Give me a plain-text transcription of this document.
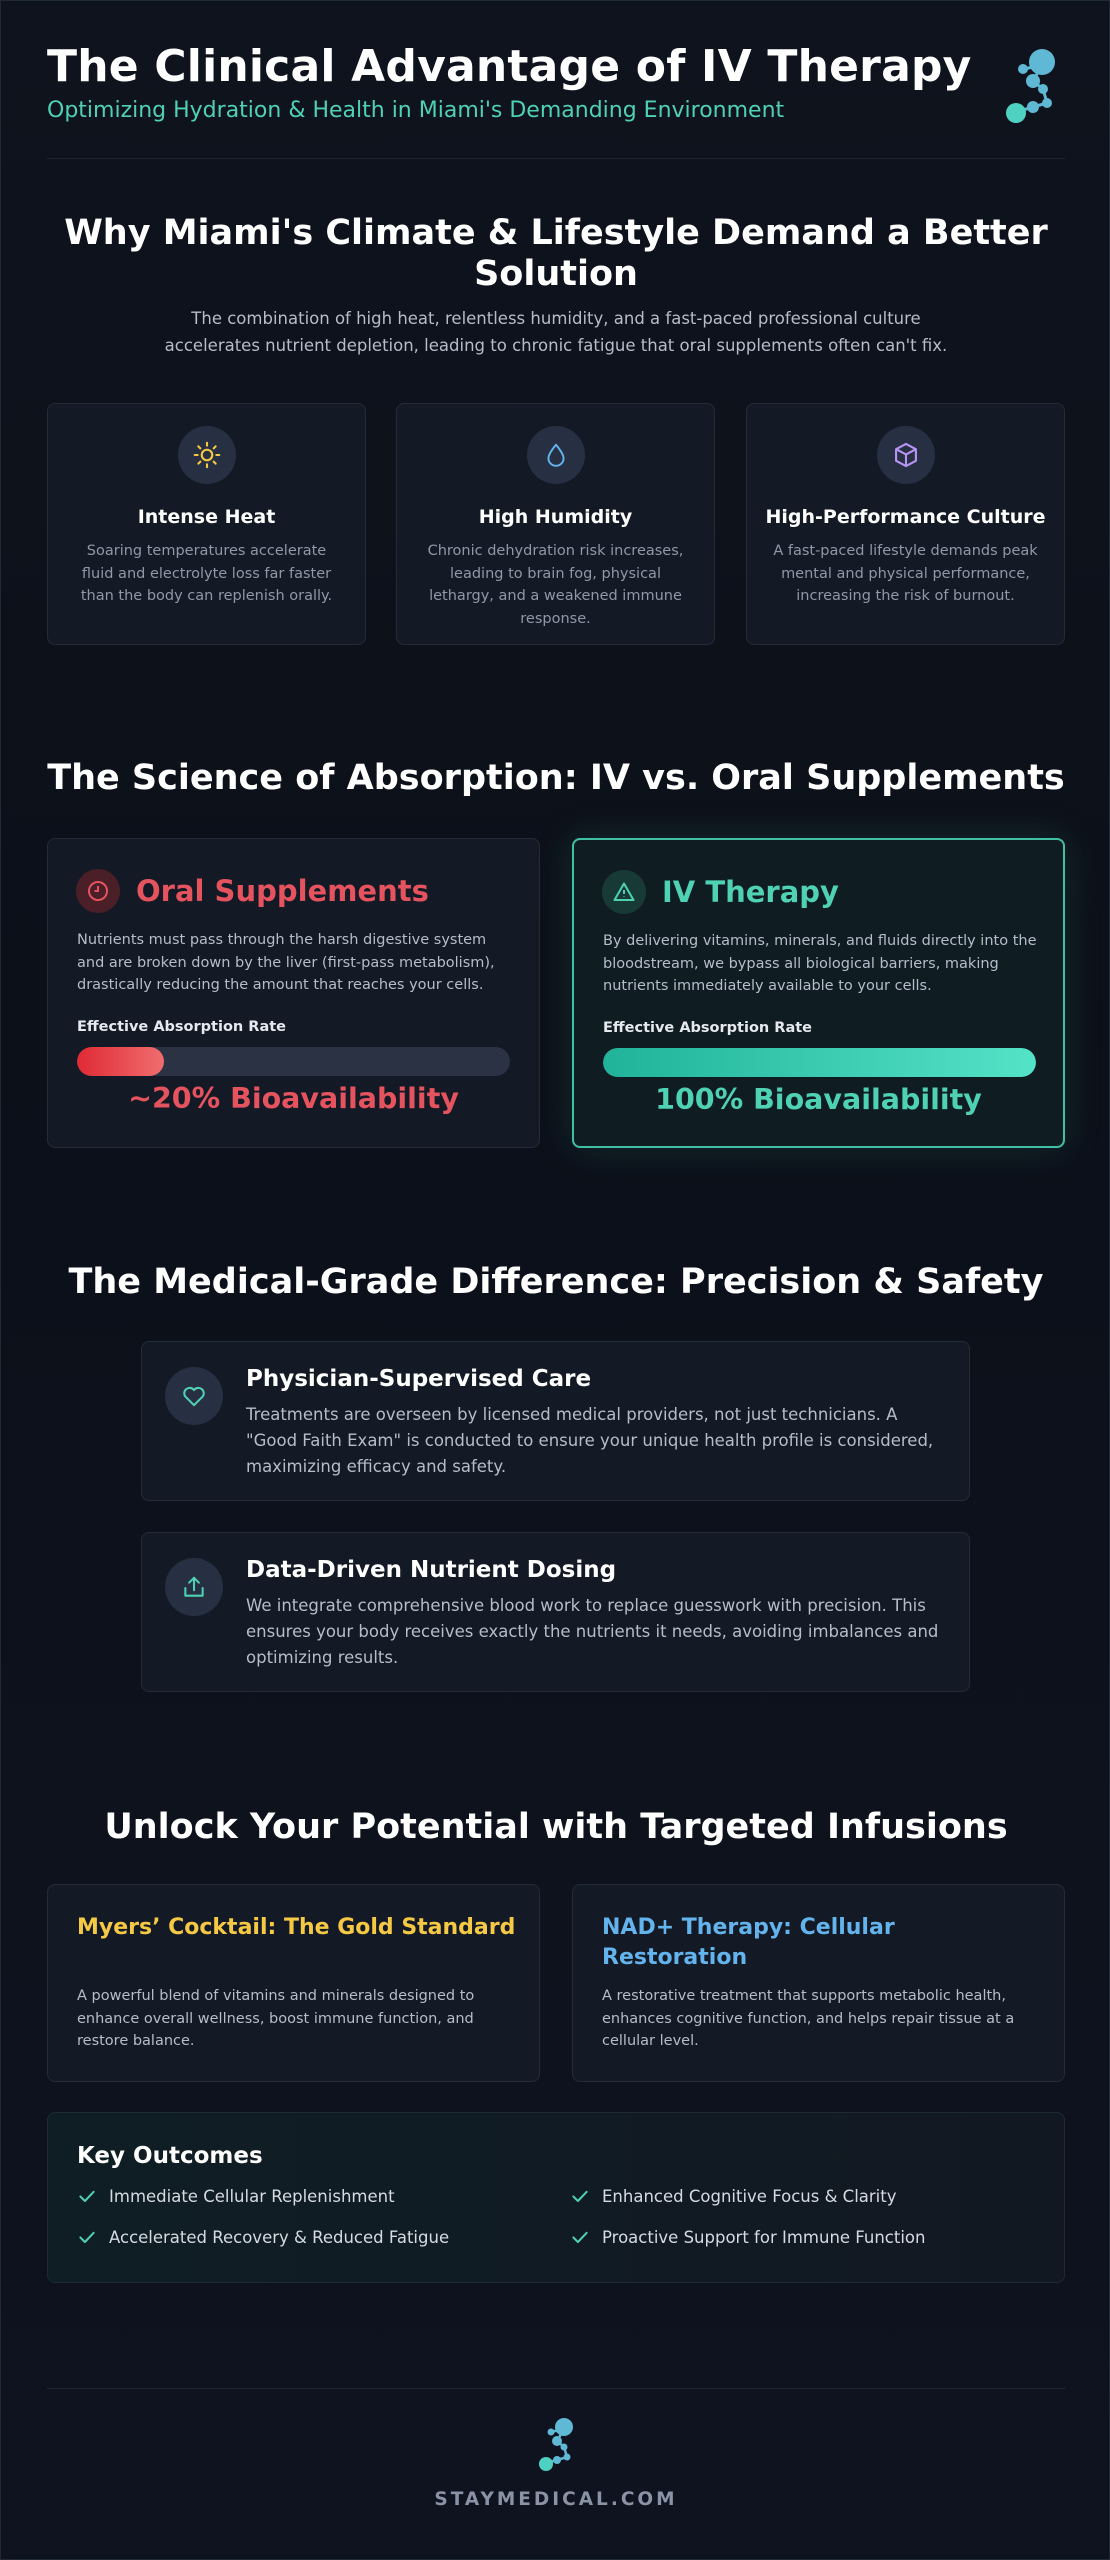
The Clinical Advantage of IV Therapy
Optimizing Hydration & Health in Miami's Demanding Environment
Why Miami's Climate & Lifestyle Demand a Better Solution
The combination of high heat, relentless humidity, and a fast-paced professional culture accelerates nutrient depletion, leading to chronic fatigue that oral supplements often can't fix.
Intense Heat

Soaring temperatures accelerate fluid and electrolyte loss far faster than the body can replenish orally.

High Humidity

Chronic dehydration risk increases, leading to brain fog, physical lethargy, and a weakened immune response.

High-Performance Culture

A fast-paced lifestyle demands peak mental and physical performance, increasing the risk of burnout.

The Science of Absorption: IV vs. Oral Supplements
Oral Supplements
Nutrients must pass through the harsh digestive system and are broken down by the liver (first-pass metabolism), drastically reducing the amount that reaches your cells.
Effective Absorption Rate
~20% Bioavailability
IV Therapy
By delivering vitamins, minerals, and fluids directly into the bloodstream, we bypass all biological barriers, making nutrients immediately available to your cells.
Effective Absorption Rate
100% Bioavailability
The Medical-Grade Difference: Precision & Safety
Physician-Supervised Care

Treatments are overseen by licensed medical providers, not just technicians. A "Good Faith Exam" is conducted to ensure your unique health profile is considered, maximizing efficacy and safety.

Data-Driven Nutrient Dosing

We integrate comprehensive blood work to replace guesswork with precision. This ensures your body receives exactly the nutrients it needs, avoiding imbalances and optimizing results.

Unlock Your Potential with Targeted Infusions
Myers’ Cocktail: The Gold Standard

A powerful blend of vitamins and minerals designed to enhance overall wellness, boost immune function, and restore balance.

NAD+ Therapy: Cellular Restoration

A restorative treatment that supports metabolic health, enhances cognitive function, and helps repair tissue at a cellular level.

Key Outcomes
Immediate Cellular Replenishment	Enhanced Cognitive Focus & Clarity
Accelerated Recovery & Reduced Fatigue	Proactive Support for Immune Function
STAYMEDICAL.COM
